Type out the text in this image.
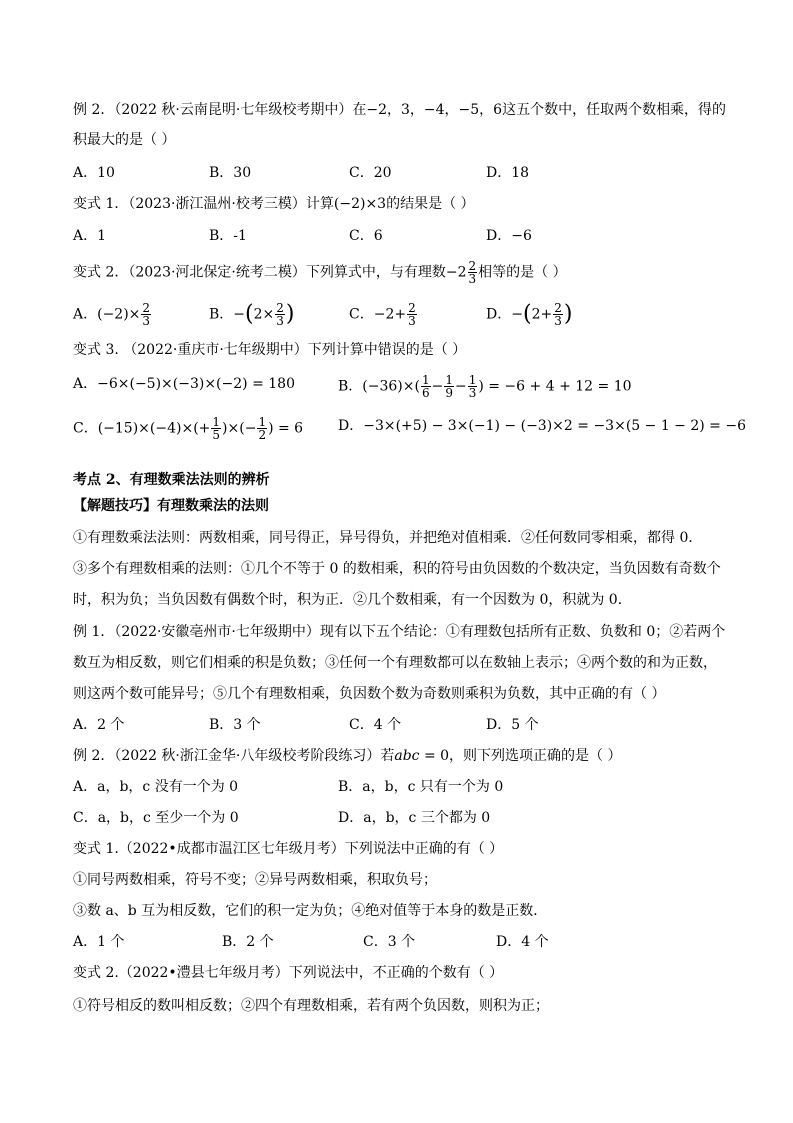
例 2．（2022 秋·云南昆明·七年级校考期中）在−2，3，−4，−5，6这五个数中，任取两个数相乘，得的
积最大的是（ ）
A．10	B．30	C．20	D．18
变式 1．（2023·浙江温州·校考三模）计算(−2)×3的结果是（ ）
A．1	B．-1	C．6	D．−6
变式 2．（2023·河北保定·统考二模）下列算式中，与有理数$-2 \frac{2}{3}$ 相等的是（ ）
A．$(-2)\times \frac{2}{3}$	B．$-(2\times \frac{2}{3}$ )	C．$-2+ \frac{2}{3}$	D．$-(2+ \frac{2}{3}$ )
变式 3. （2022·重庆市·七年级期中）下列计算中错误的是（ ）
A．−6×(−5)×(−3)×(−2) = 180	B．$(-36)\times( \frac{1}{6} - \frac{1}{9} - \frac{1}{3}$ ) = −6 + 4 + 12 = 10
C．$(-15)\times(-4)\times(+ \frac{1}{5}$ )×(− $\frac{1}{2}$ ) = 6 D．−3×(+5) − 3×(−1) − (−3)×2 = −3×(5 − 1 − 2) = −6
考点 2、有理数乘法法则的辨析
【解题技巧】有理数乘法的法则
①有理数乘法法则：两数相乘，同号得正，异号得负，并把绝对值相乘．②任何数同零相乘，都得 0．
③多个有理数相乘的法则：①几个不等于 0 的数相乘，积的符号由负因数的个数决定，当负因数有奇数个
时，积为负；当负因数有偶数个时，积为正．②几个数相乘，有一个因数为 0，积就为 0．
例 1．（2022·安徽亳州市·七年级期中）现有以下五个结论：①有理数包括所有正数、负数和 0；②若两个
数互为相反数，则它们相乘的积是负数；③任何一个有理数都可以在数轴上表示；④两个数的和为正数，
则这两个数可能异号；⑤几个有理数相乘，负因数个数为奇数则乘积为负数，其中正确的有（ ）
A．2 个	B．3 个	C．4 个	D．5 个
例 2．（2022 秋·浙江金华·八年级校考阶段练习）若abc = 0，则下列选项正确的是（ ）
A．a，b，c 没有一个为 0	B．a，b，c 只有一个为 0
C．a，b，c 至少一个为 0	D．a，b，c 三个都为 0
变式 1.（2022•成都市温江区七年级月考）下列说法中正确的有（ ）
①同号两数相乘，符号不变；②异号两数相乘，积取负号；
③数 a、b 互为相反数，它们的积一定为负；④绝对值等于本身的数是正数．
A．1 个	B．2 个	C．3 个	D．4 个
变式 2.（2022•澧县七年级月考）下列说法中，不正确的个数有（ ）
①符号相反的数叫相反数；②四个有理数相乘，若有两个负因数，则积为正；
